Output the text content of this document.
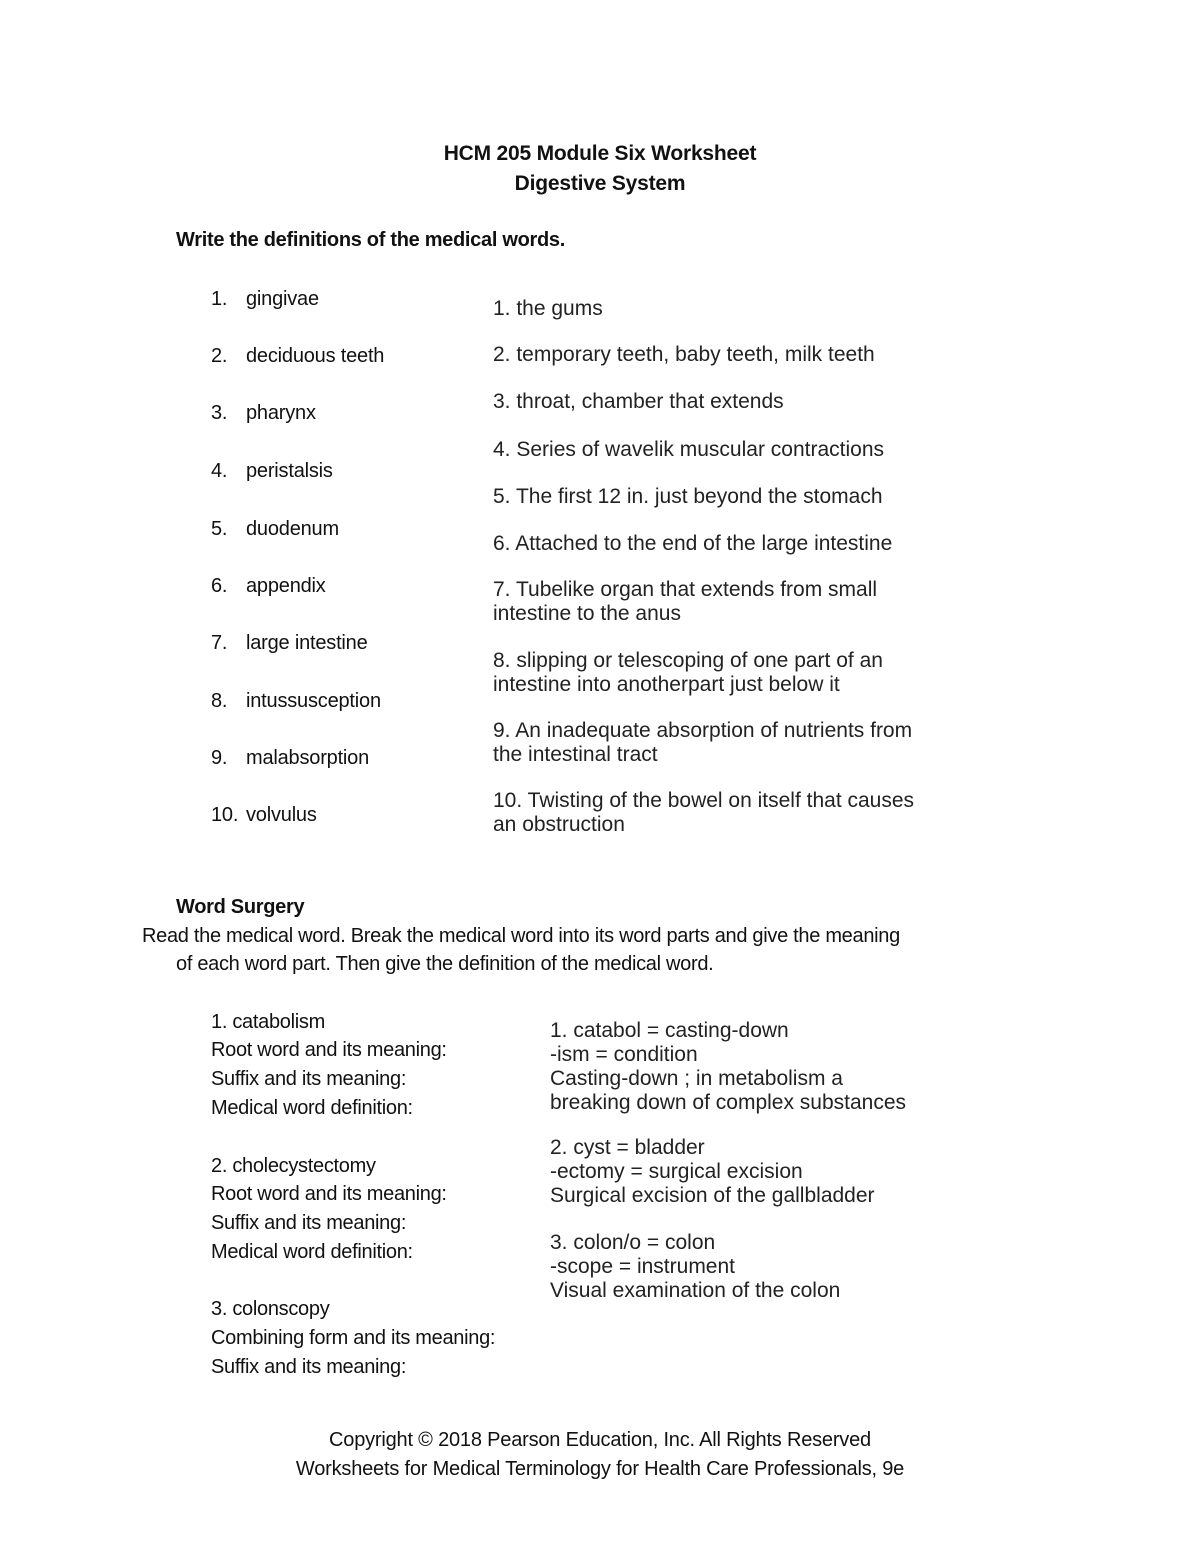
HCM 205 Module Six Worksheet
Digestive System
Write the definitions of the medical words.
1. gingivae
2. deciduous teeth
3. pharynx
4. peristalsis
5. duodenum
6. appendix
7. large intestine
8. intussusception
9. malabsorption
10. volvulus
1. the gums
2. temporary teeth, baby teeth, milk teeth
3. throat, chamber that extends
4. Series of wavelik muscular contractions
5. The first 12 in. just beyond the stomach
6. Attached to the end of the large intestine
7. Tubelike organ that extends from small
intestine to the anus
8. slipping or telescoping of one part of an
intestine into anotherpart just below it
9. An inadequate absorption of nutrients from
the intestinal tract
10. Twisting of the bowel on itself that causes
an obstruction
Word Surgery
Read the medical word. Break the medical word into its word parts and give the meaning
of each word part. Then give the definition of the medical word.
1. catabolism
Root word and its meaning:
Suffix and its meaning:
Medical word definition:
1. catabol = casting-down
-ism = condition
Casting-down ; in metabolism a
breaking down of complex substances
2. cholecystectomy
Root word and its meaning:
Suffix and its meaning:
Medical word definition:
2. cyst = bladder
-ectomy = surgical excision
Surgical excision of the gallbladder
3. colonscopy
Combining form and its meaning:
Suffix and its meaning:
3. colon/o = colon
-scope = instrument
Visual examination of the colon
Copyright © 2018 Pearson Education, Inc. All Rights Reserved
Worksheets for Medical Terminology for Health Care Professionals, 9e
